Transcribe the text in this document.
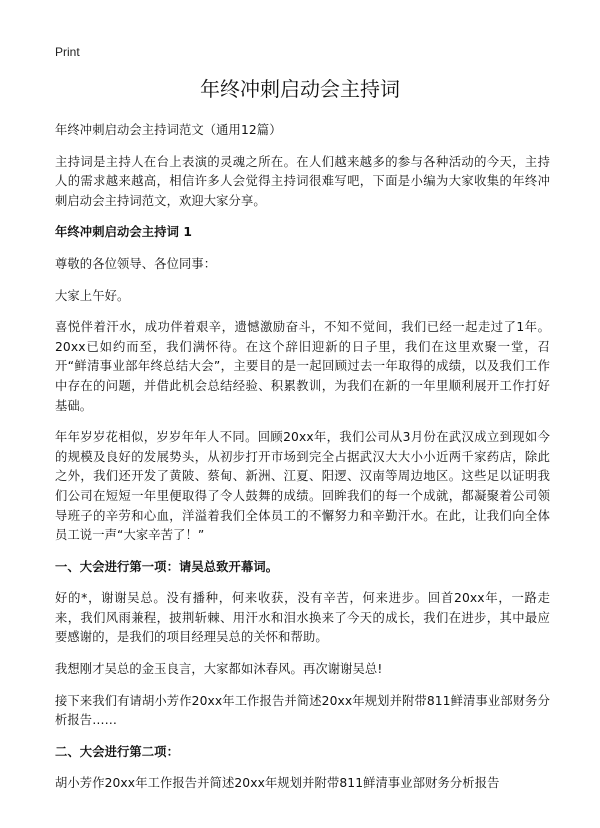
Print
年终冲刺启动会主持词

年终冲刺启动会主持词范文（通用12篇）

主持词是主持人在台上表演的灵魂之所在。在人们越来越多的参与各种活动的今天，主持人的需求越来越高，相信许多人会觉得主持词很难写吧，下面是小编为大家收集的年终冲刺启动会主持词范文，欢迎大家分享。

年终冲刺启动会主持词 1

尊敬的各位领导、各位同事：

大家上午好。

喜悦伴着汗水，成功伴着艰辛，遗憾激励奋斗，不知不觉间，我们已经一起走过了1年。20xx已如约而至，我们满怀待。在这个辞旧迎新的日子里，我们在这里欢聚一堂，召开“鲜清事业部年终总结大会”，主要目的是一起回顾过去一年取得的成绩，以及我们工作中存在的问题，并借此机会总结经验、积累教训，为我们在新的一年里顺利展开工作打好基础。

年年岁岁花相似，岁岁年年人不同。回顾20xx年，我们公司从3月份在武汉成立到现如今的规模及良好的发展势头，从初步打开市场到完全占据武汉大大小小近两千家药店，除此之外，我们还开发了黄陂、蔡甸、新洲、江夏、阳逻、汉南等周边地区。这些足以证明我们公司在短短一年里便取得了令人鼓舞的成绩。回眸我们的每一个成就，都凝聚着公司领导班子的辛劳和心血，洋溢着我们全体员工的不懈努力和辛勤汗水。在此，让我们向全体员工说一声“大家辛苦了！”

一、大会进行第一项：请吴总致开幕词。

好的*，谢谢吴总。没有播种，何来收获，没有辛苦，何来进步。回首20xx年，一路走来，我们风雨兼程，披荆斩棘、用汗水和泪水换来了今天的成长，我们在进步，其中最应要感谢的，是我们的项目经理吴总的关怀和帮助。

我想刚才吴总的金玉良言，大家都如沐春风。再次谢谢吴总!

接下来我们有请胡小芳作20xx年工作报告并简述20xx年规划并附带811鲜清事业部财务分析报告……

二、大会进行第二项：

胡小芳作20xx年工作报告并简述20xx年规划并附带811鲜清事业部财务分析报告
